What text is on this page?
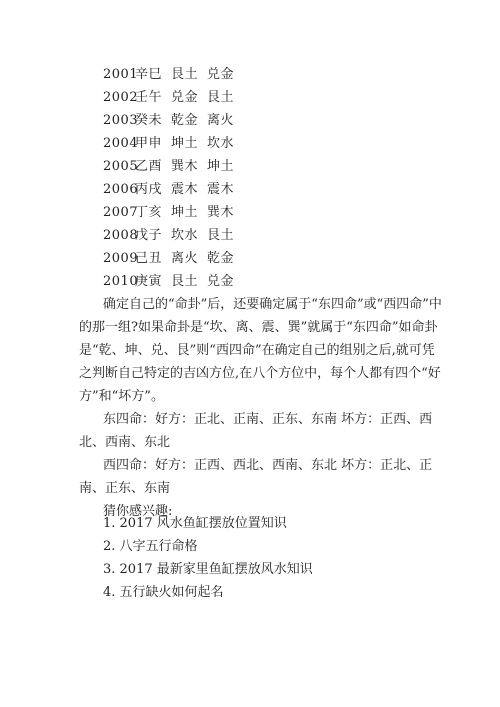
2001辛巳 艮土 兑金
2002壬午 兑金 艮土
2003癸未 乾金 离火
2004甲申 坤土 坎水
2005乙酉 巽木 坤土
2006丙戌 震木 震木
2007丁亥 坤土 巽木
2008戊子 坎水 艮土
2009己丑 离火 乾金
2010庚寅 艮土 兑金

确定自己的“命卦”后，还要确定属于“东四命”或“西四命”中的那一组?如果命卦是“坎、离、震、巽”就属于“东四命”如命卦是“乾、坤、兑、艮”则“西四命”在确定自己的组别之后,就可凭之判断自己特定的吉凶方位,在八个方位中，每个人都有四个“好方”和“坏方”。

东四命：好方：正北、正南、正东、东南 坏方：正西、西北、西南、东北

西四命：好方：正西、西北、西南、东北 坏方：正北、正南、正东、东南

猜你感兴趣:

1. 2017 风水鱼缸摆放位置知识

2. 八字五行命格

3. 2017 最新家里鱼缸摆放风水知识

4. 五行缺火如何起名
